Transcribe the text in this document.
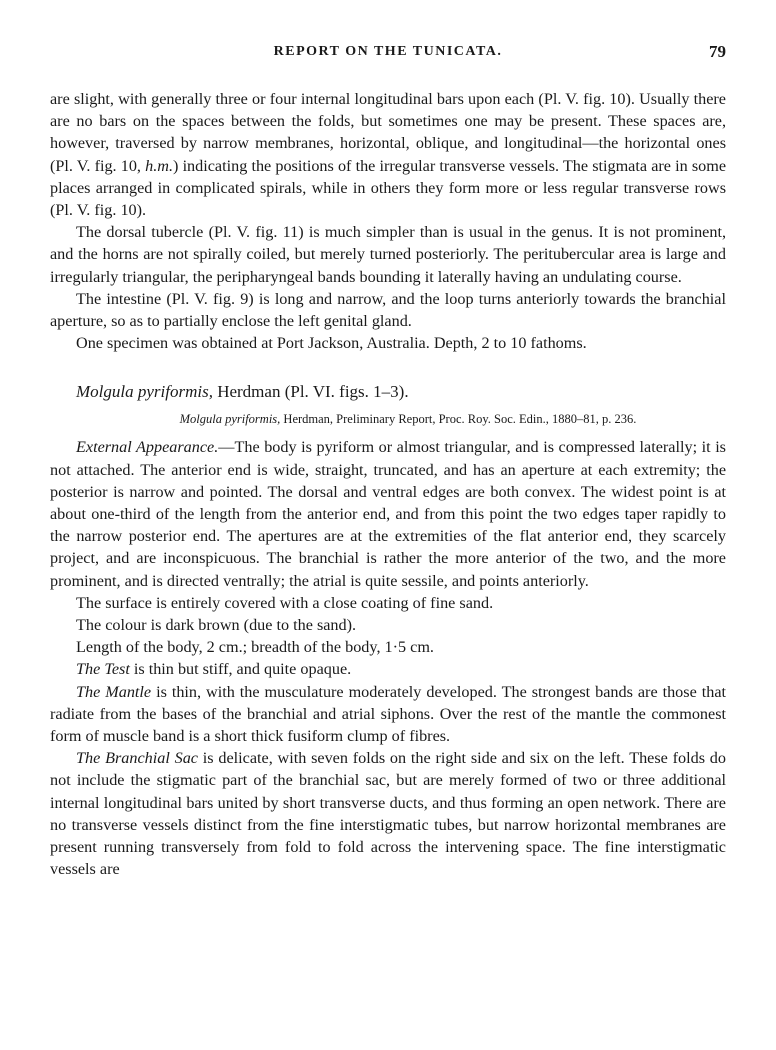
REPORT ON THE TUNICATA.	79

are slight, with generally three or four internal longitudinal bars upon each (Pl. V. fig. 10). Usually there are no bars on the spaces between the folds, but sometimes one may be present. These spaces are, however, traversed by narrow membranes, horizontal, oblique, and longitudinal—the horizontal ones (Pl. V. fig. 10, h.m.) indicating the positions of the irregular transverse vessels. The stigmata are in some places arranged in complicated spirals, while in others they form more or less regular transverse rows (Pl. V. fig. 10).

The dorsal tubercle (Pl. V. fig. 11) is much simpler than is usual in the genus. It is not prominent, and the horns are not spirally coiled, but merely turned posteriorly. The peritubercular area is large and irregularly triangular, the peripharyngeal bands bounding it laterally having an undulating course.

The intestine (Pl. V. fig. 9) is long and narrow, and the loop turns anteriorly towards the branchial aperture, so as to partially enclose the left genital gland.

One specimen was obtained at Port Jackson, Australia. Depth, 2 to 10 fathoms.

Molgula pyriformis, Herdman (Pl. VI. figs. 1–3).

Molgula pyriformis, Herdman, Preliminary Report, Proc. Roy. Soc. Edin., 1880–81, p. 236.

External Appearance.—The body is pyriform or almost triangular, and is compressed laterally; it is not attached. The anterior end is wide, straight, truncated, and has an aperture at each extremity; the posterior is narrow and pointed. The dorsal and ventral edges are both convex. The widest point is at about one-third of the length from the anterior end, and from this point the two edges taper rapidly to the narrow posterior end. The apertures are at the extremities of the flat anterior end, they scarcely project, and are inconspicuous. The branchial is rather the more anterior of the two, and the more prominent, and is directed ventrally; the atrial is quite sessile, and points anteriorly.

The surface is entirely covered with a close coating of fine sand.

The colour is dark brown (due to the sand).

Length of the body, 2 cm.; breadth of the body, 1·5 cm.

The Test is thin but stiff, and quite opaque.

The Mantle is thin, with the musculature moderately developed. The strongest bands are those that radiate from the bases of the branchial and atrial siphons. Over the rest of the mantle the commonest form of muscle band is a short thick fusiform clump of fibres.

The Branchial Sac is delicate, with seven folds on the right side and six on the left. These folds do not include the stigmatic part of the branchial sac, but are merely formed of two or three additional internal longitudinal bars united by short transverse ducts, and thus forming an open network. There are no transverse vessels distinct from the fine interstigmatic tubes, but narrow horizontal membranes are present running transversely from fold to fold across the intervening space. The fine interstigmatic vessels are
